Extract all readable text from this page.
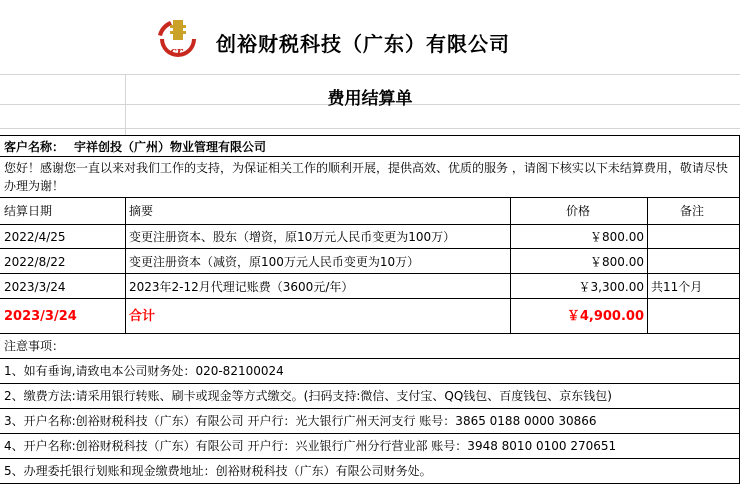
cr 创裕财税科技（广东）有限公司
费用结算单
客户名称： 宇祥创投（广州）物业管理有限公司
您好！感谢您一直以来对我们工作的支持，为保证相关工作的顺利开展，提供高效、优质的服务 ，请阁下核实以下未结算费用，敬请尽快办理为谢！
结算日期	摘要	价格	备注
2022/4/25	变更注册资本、股东（增资，原10万元人民币变更为100万）	￥800.00
2022/8/22	变更注册资本（减资，原100万元人民币变更为10万）	￥800.00
2023/3/24	2023年2-12月代理记账费（3600元/年）	￥3,300.00 共11个月
2023/3/24	合计	￥4,900.00
注意事项：
1、如有垂询,请致电本公司财务处：020-82100024
2、缴费方法:请采用银行转账、刷卡或现金等方式缴交。(扫码支持:微信、支付宝、QQ钱包、百度钱包、京东钱包)
3、开户名称:创裕财税科技（广东）有限公司 开户行：光大银行广州天河支行 账号：3865 0188 0000 30866
4、开户名称:创裕财税科技（广东）有限公司 开户行：兴业银行广州分行营业部 账号：3948 8010 0100 270651
5、办理委托银行划账和现金缴费地址：创裕财税科技（广东）有限公司财务处。
